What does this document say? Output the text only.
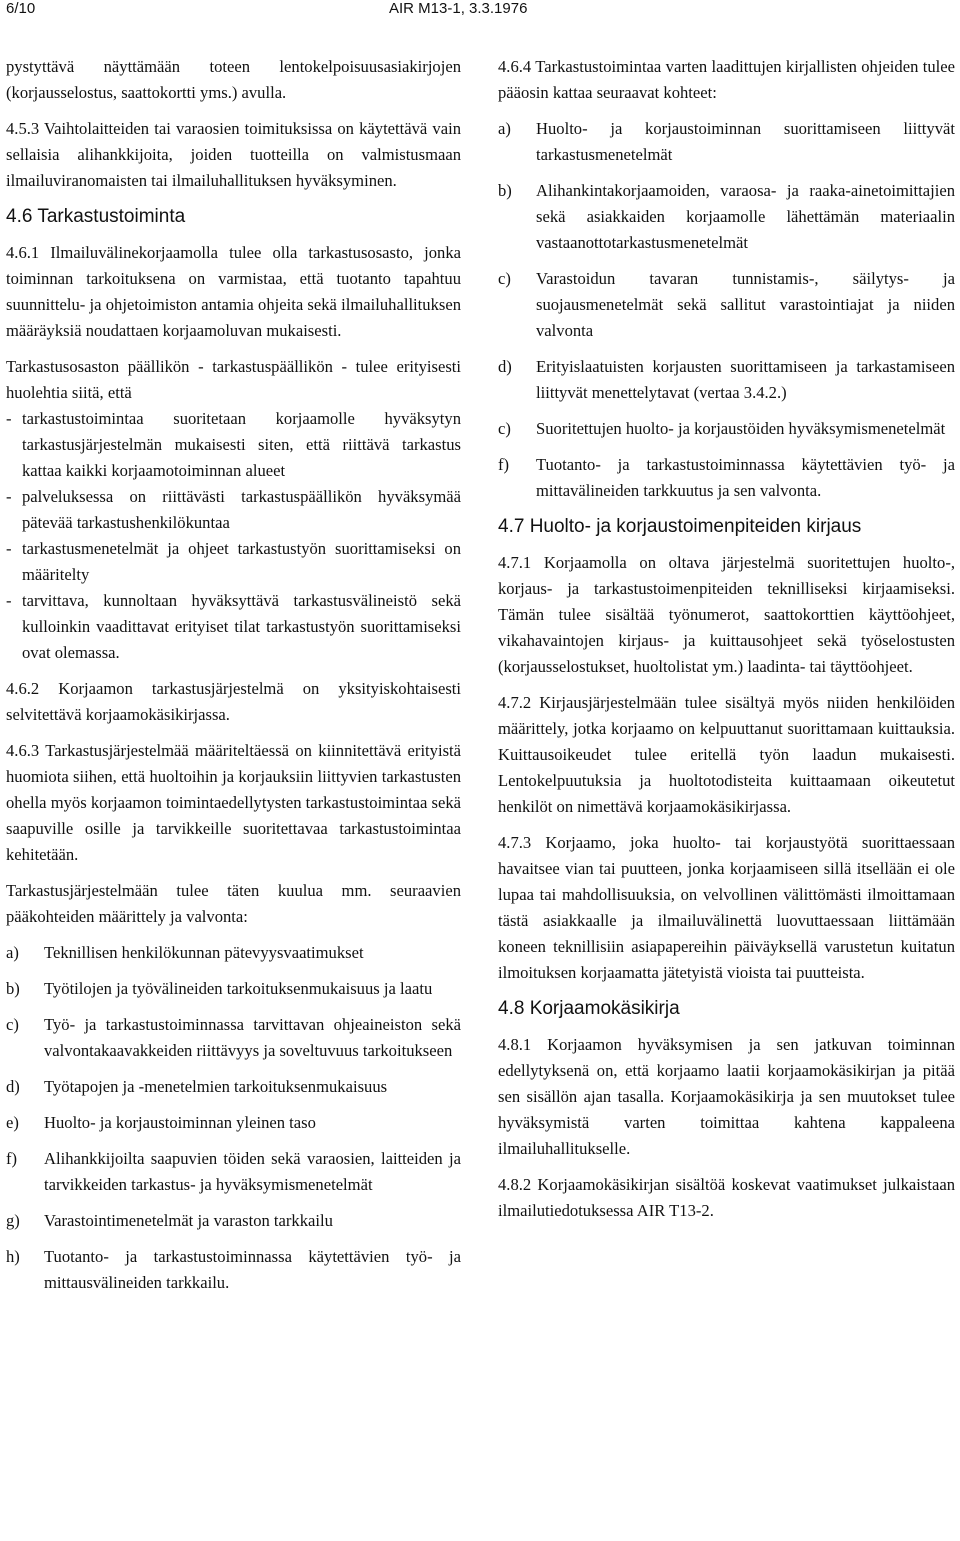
6/10	AIR M13-1, 3.3.1976

pystyttävä näyttämään toteen lentokelpoisuusasiakirjojen (korjausselostus, saattokortti yms.) avulla.

4.5.3 Vaihtolaitteiden tai varaosien toimituksissa on käytettävä vain sellaisia alihankkijoita, joiden tuotteilla on valmistusmaan ilmailuviranomaisten tai ilmailuhallituksen hyväksyminen.

4.6 Tarkastustoiminta

4.6.1 Ilmailuvälinekorjaamolla tulee olla tarkastusosasto, jonka toiminnan tarkoituksena on varmistaa, että tuotanto tapahtuu suunnittelu- ja ohjetoimiston antamia ohjeita sekä ilmailuhallituksen määräyksiä noudattaen korjaamoluvan mukaisesti.

Tarkastusosaston päällikön - tarkastuspäällikön - tulee erityisesti huolehtia siitä, että

- tarkastustoimintaa suoritetaan korjaamolle hyväksytyn tarkastusjärjestelmän mukaisesti siten, että riittävä tarkastus kattaa kaikki korjaamotoiminnan alueet
- palveluksessa on riittävästi tarkastuspäällikön hyväksymää pätevää tarkastushenkilökuntaa
- tarkastusmenetelmät ja ohjeet tarkastustyön suorittamiseksi on määritelty
- tarvittava, kunnoltaan hyväksyttävä tarkastusvälineistö sekä kulloinkin vaadittavat erityiset tilat tarkastustyön suorittamiseksi ovat olemassa.

4.6.2 Korjaamon tarkastusjärjestelmä on yksityiskohtaisesti selvitettävä korjaamokäsikirjassa.

4.6.3 Tarkastusjärjestelmää määriteltäessä on kiinnitettävä erityistä huomiota siihen, että huoltoihin ja korjauksiin liittyvien tarkastusten ohella myös korjaamon toimintaedellytysten tarkastustoimintaa sekä saapuville osille ja tarvikkeille suoritettavaa tarkastustoimintaa kehitetään.

Tarkastusjärjestelmään tulee täten kuulua mm. seuraavien pääkohteiden määrittely ja valvonta:

a)	Teknillisen henkilökunnan pätevyysvaatimukset
b)	Työtilojen ja työvälineiden tarkoituksenmukaisuus ja laatu
c)	Työ- ja tarkastustoiminnassa tarvittavan ohjeaineiston sekä valvontakaavakkeiden riittävyys ja soveltuvuus tarkoitukseen
d)	Työtapojen ja -menetelmien tarkoituksenmukaisuus
e)	Huolto- ja korjaustoiminnan yleinen taso
f)	Alihankkijoilta saapuvien töiden sekä varaosien, laitteiden ja tarvikkeiden tarkastus- ja hyväksymismenetelmät
g)	Varastointimenetelmät ja varaston tarkkailu
h)	Tuotanto- ja tarkastustoiminnassa käytettävien työ- ja mittausvälineiden tarkkailu.

4.6.4 Tarkastustoimintaa varten laadittujen kirjallisten ohjeiden tulee pääosin kattaa seuraavat kohteet:

a)	Huolto- ja korjaustoiminnan suorittamiseen liittyvät tarkastusmenetelmät
b)	Alihankintakorjaamoiden, varaosa- ja raaka-ainetoimittajien sekä asiakkaiden korjaamolle lähettämän materiaalin vastaanottotarkastusmenetelmät
c)	Varastoidun tavaran tunnistamis-, säilytys- ja suojausmenetelmät sekä sallitut varastointiajat ja niiden valvonta
d)	Erityislaatuisten korjausten suorittamiseen ja tarkastamiseen liittyvät menettelytavat (vertaa 3.4.2.)
c)	Suoritettujen huolto- ja korjaustöiden hyväksymismenetelmät
f)	Tuotanto- ja tarkastustoiminnassa käytettävien työ- ja mittavälineiden tarkkuutus ja sen valvonta.
4.7 Huolto- ja korjaustoimenpiteiden kirjaus

4.7.1 Korjaamolla on oltava järjestelmä suoritettujen huolto-, korjaus- ja tarkastustoimenpiteiden teknilliseksi kirjaamiseksi. Tämän tulee sisältää työnumerot, saattokorttien käyttöohjeet, vikahavaintojen kirjaus- ja kuittausohjeet sekä työselostusten (korjausselostukset, huoltolistat ym.) laadinta- tai täyttöohjeet.

4.7.2 Kirjausjärjestelmään tulee sisältyä myös niiden henkilöiden määrittely, jotka korjaamo on kelpuuttanut suorittamaan kuittauksia. Kuittausoikeudet tulee eritellä työn laadun mukaisesti. Lentokelpuutuksia ja huoltotodisteita kuittaamaan oikeutetut henkilöt on nimettävä korjaamokäsikirjassa.

4.7.3 Korjaamo, joka huolto- tai korjaustyötä suorittaessaan havaitsee vian tai puutteen, jonka korjaamiseen sillä itsellään ei ole lupaa tai mahdollisuuksia, on velvollinen välittömästi ilmoittamaan tästä asiakkaalle ja ilmailuvälinettä luovuttaessaan liittämään koneen teknillisiin asiapapereihin päiväyksellä varustetun kuitatun ilmoituksen korjaamatta jätetyistä vioista tai puutteista.

4.8 Korjaamokäsikirja

4.8.1 Korjaamon hyväksymisen ja sen jatkuvan toiminnan edellytyksenä on, että korjaamo laatii korjaamokäsikirjan ja pitää sen sisällön ajan tasalla. Korjaamokäsikirja ja sen muutokset tulee hyväksymistä varten toimittaa kahtena kappaleena ilmailuhallitukselle.

4.8.2 Korjaamokäsikirjan sisältöä koskevat vaatimukset julkaistaan ilmailutiedotuksessa AIR T13-2.
